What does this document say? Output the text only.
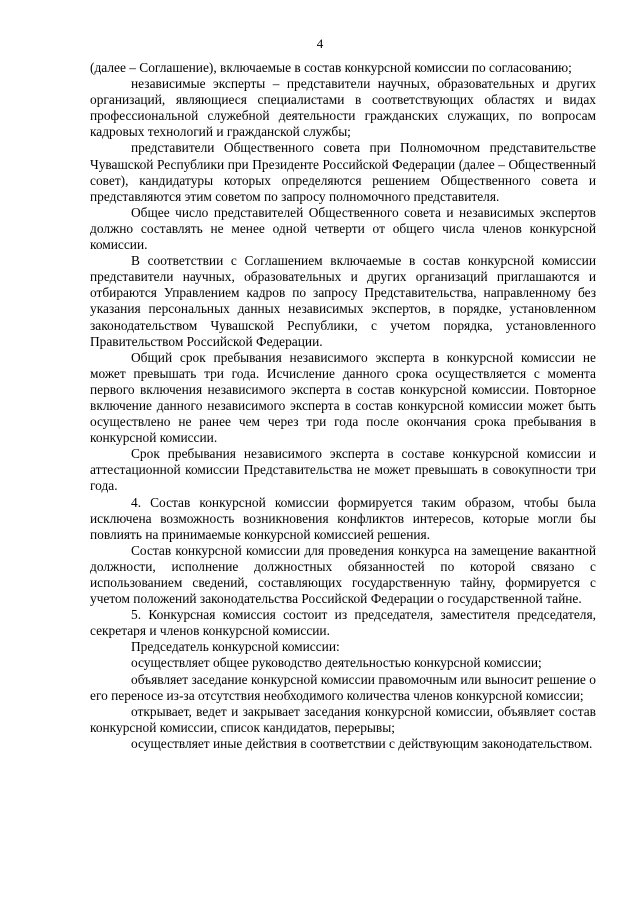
4

(далее – Соглашение), включаемые в состав конкурсной комиссии по согласованию;

независимые эксперты – представители научных, образовательных и других организаций, являющиеся специалистами в соответствующих областях и видах профессиональной служебной деятельности гражданских служащих, по вопросам кадровых технологий и гражданской службы;

представители Общественного совета при Полномочном представительстве Чувашской Республики при Президенте Российской Федерации (далее – Общественный совет), кандидатуры которых определяются решением Общественного совета и представляются этим советом по запросу полномочного представителя.

Общее число представителей Общественного совета и независимых экспертов должно составлять не менее одной четверти от общего числа членов конкурсной комиссии.

В соответствии с Соглашением включаемые в состав конкурсной комиссии представители научных, образовательных и других организаций приглашаются и отбираются Управлением кадров по запросу Представительства, направленному без указания персональных данных независимых экспертов, в порядке, установленном законодательством Чувашской Республики, с учетом порядка, установленного Правительством Российской Федерации.

Общий срок пребывания независимого эксперта в конкурсной комиссии не может превышать три года. Исчисление данного срока осуществляется с момента первого включения независимого эксперта в состав конкурсной комиссии. Повторное включение данного независимого эксперта в состав конкурсной комиссии может быть осуществлено не ранее чем через три года после окончания срока пребывания в конкурсной комиссии.

Срок пребывания независимого эксперта в составе конкурсной комиссии и аттестационной комиссии Представительства не может превышать в совокупности три года.

4. Состав конкурсной комиссии формируется таким образом, чтобы была исключена возможность возникновения конфликтов интересов, которые могли бы повлиять на принимаемые конкурсной комиссией решения.

Состав конкурсной комиссии для проведения конкурса на замещение вакантной должности, исполнение должностных обязанностей по которой связано с использованием сведений, составляющих государственную тайну, формируется с учетом положений законодательства Российской Федерации о государственной тайне.

5. Конкурсная комиссия состоит из председателя, заместителя председателя, секретаря и членов конкурсной комиссии.

Председатель конкурсной комиссии:

осуществляет общее руководство деятельностью конкурсной комиссии;

объявляет заседание конкурсной комиссии правомочным или выносит решение о его переносе из-за отсутствия необходимого количества членов конкурсной комиссии;

открывает, ведет и закрывает заседания конкурсной комиссии, объявляет состав конкурсной комиссии, список кандидатов, перерывы;

осуществляет иные действия в соответствии с действующим законодательством.
